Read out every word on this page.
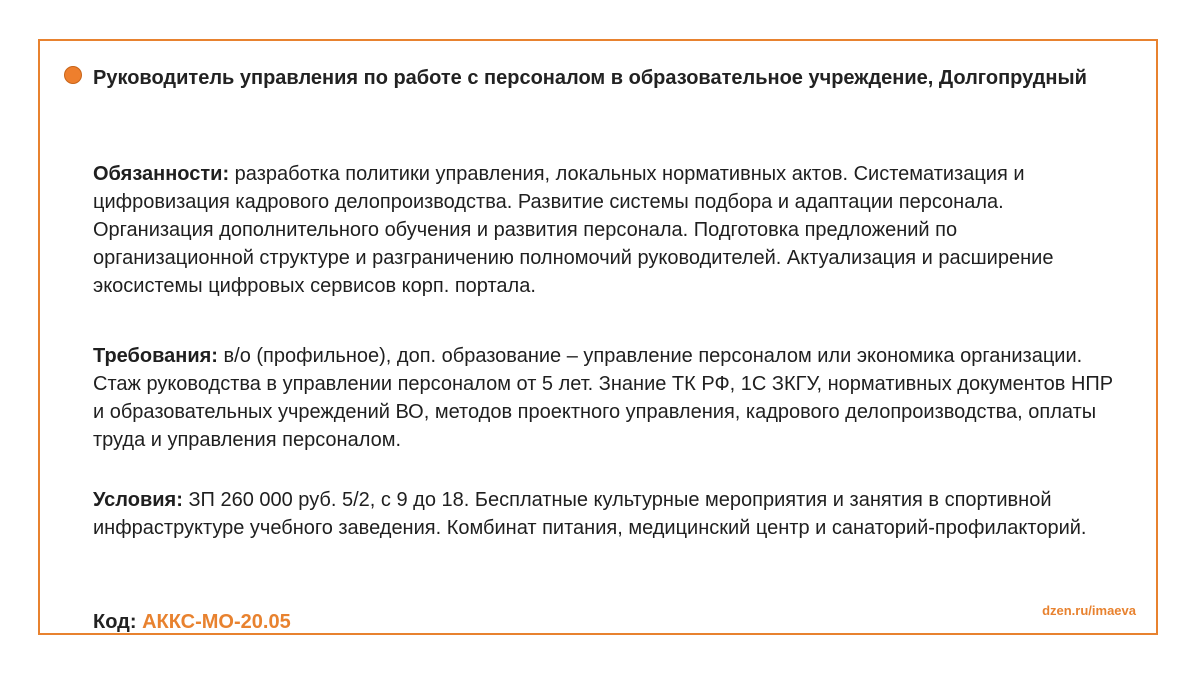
Руководитель управления по работе с персоналом в образовательное учреждение, Долгопрудный

Обязанности: разработка политики управления, локальных нормативных актов. Систематизация и цифровизация кадрового делопроизводства. Развитие системы подбора и адаптации персонала. Организация дополнительного обучения и развития персонала. Подготовка предложений по организационной структуре и разграничению полномочий руководителей. Актуализация и расширение экосистемы цифровых сервисов корп. портала.

Требования: в/о (профильное), доп. образование – управление персоналом или экономика организации. Стаж руководства в управлении персоналом от 5 лет. Знание ТК РФ, 1С ЗКГУ, нормативных документов НПР и образовательных учреждений ВО, методов проектного управления, кадрового делопроизводства, оплаты труда и управления персоналом.

Условия: ЗП 260 000 руб. 5/2, с 9 до 18. Бесплатные культурные мероприятия и занятия в спортивной инфраструктуре учебного заведения. Комбинат питания, медицинский центр и санаторий-профилакторий.

Код: АККС-МО-20.05

dzen.ru/imaeva
